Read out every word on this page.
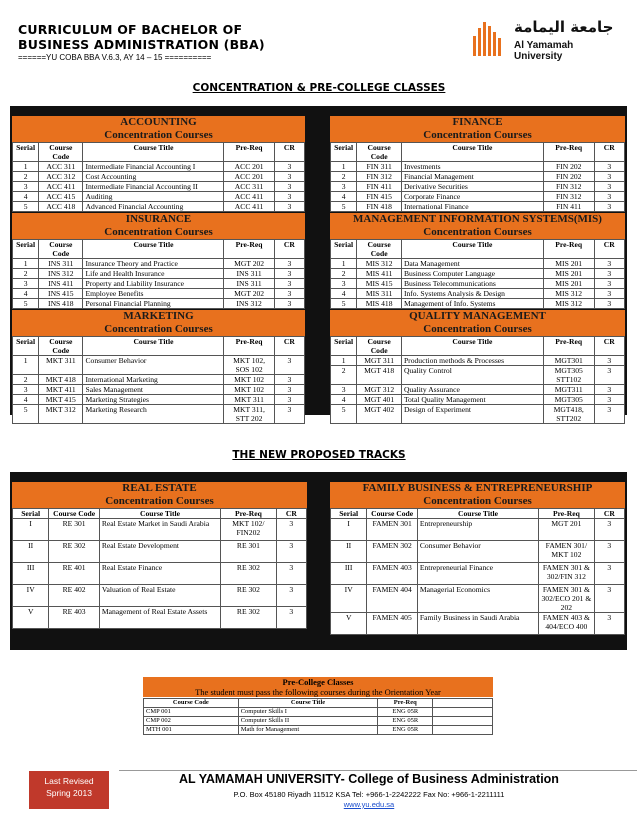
CURRICULUM OF BACHELOR OF
BUSINESS ADMINISTRATION (BBA)
======YU COBA BBA V.6.3, AY 14 – 15 ==========
جامعة اليمامة
Al Yamamah University
CONCENTRATION & PRE-COLLEGE CLASSES
ACCOUNTING
Concentration Courses
Serial	Course Code	Course Title	Pre-Req	CR
1	ACC 311	Intermediate Financial Accounting I	ACC 201	3
2	ACC 312	Cost Accounting	ACC 201	3
3	ACC 411	Intermediate Financial Accounting II	ACC 311	3
4	ACC 415	Auditing	ACC 411	3
5	ACC 418	Advanced Financial Accounting	ACC 411	3
FINANCE
Concentration Courses
Serial	Course Code	Course Title	Pre-Req	CR
1	FIN 311	Investments	FIN 202	3
2	FIN 312	Financial Management	FIN 202	3
3	FIN 411	Derivative Securities	FIN 312	3
4	FIN 415	Corporate Finance	FIN 312	3
5	FIN 418	International Finance	FIN 411	3
INSURANCE
Concentration Courses
Serial	Course Code	Course Title	Pre-Req	CR
1	INS 311	Insurance Theory and Practice	MGT 202	3
2	INS 312	Life and Health Insurance	INS 311	3
3	INS 411	Property and Liability Insurance	INS 311	3
4	INS 415	Employee Benefits	MGT 202	3
5	INS 418	Personal Financial Planning	INS 312	3
MANAGEMENT INFORMATION SYSTEMS(MIS)
Concentration Courses
Serial	Course Code	Course Title	Pre-Req	CR
1	MIS 312	Data Management	MIS 201	3
2	MIS 411	Business Computer Language	MIS 201	3
3	MIS 415	Business Telecommunications	MIS 201	3
4	MIS 311	Info. Systems Analysis & Design	MIS 312	3
5	MIS 418	Management of Info. Systems	MIS 312	3
MARKETING
Concentration Courses
Serial	Course Code	Course Title	Pre-Req	CR
1	MKT 311	Consumer Behavior	MKT 102, SOS 102	3
2	MKT 418	International Marketing	MKT 102	3
3	MKT 411	Sales Management	MKT 102	3
4	MKT 415	Marketing Strategies	MKT 311	3
5	MKT 312	Marketing Research	MKT 311, STT 202	3
QUALITY MANAGEMENT
Concentration Courses
Serial	Course Code	Course Title	Pre-Req	CR
1	MGT 311	Production methods & Processes	MGT301	3
2	MGT 418	Quality Control	MGT305 STT102	3
3	MGT 312	Quality Assurance	MGT311	3
4	MGT 401	Total Quality Management	MGT305	3
5	MGT 402	Design of Experiment	MGT418, STT202	3
THE NEW PROPOSED TRACKS
REAL ESTATE
Concentration Courses
Serial	Course Code	Course Title	Pre-Req	CR
I	RE 301	Real Estate Market in Saudi Arabia	MKT 102/ FIN202	3
II	RE 302	Real Estate Development	RE 301	3
III	RE 401	Real Estate Finance	RE 302	3
IV	RE 402	Valuation of Real Estate	RE 302	3
V	RE 403	Management of Real Estate Assets	RE 302	3
FAMILY BUSINESS & ENTREPRENEURSHIP
Concentration Courses
Serial	Course Code	Course Title	Pre-Req	CR
I	FAMEN 301	Entrepreneurship	MGT 201	3
II	FAMEN 302	Consumer Behavior	FAMEN 301/ MKT 102	3
III	FAMEN 403	Entrepreneurial Finance	FAMEN 301 & 302/FIN 312	3
IV	FAMEN 404	Managerial Economics	FAMEN 301 & 302/ECO 201 & 202	3
V	FAMEN 405	Family Business in Saudi Arabia	FAMEN 403 & 404/ECO 400	3
Pre-College Classes
The student must pass the following courses during the Orientation Year
Course Code	Course Title	Pre-Req	
CMP 001	Computer Skills I	ENG 05R	
CMP 002	Computer Skills II	ENG 05R	
MTH 001	Math for Management	ENG 05R	
Last Revised
Spring 2013
AL YAMAMAH UNIVERSITY- College of Business Administration
P.O. Box 45180 Riyadh 11512 KSA Tel: +966-1-2242222 Fax No: +966-1-2211111
www.yu.edu.sa
